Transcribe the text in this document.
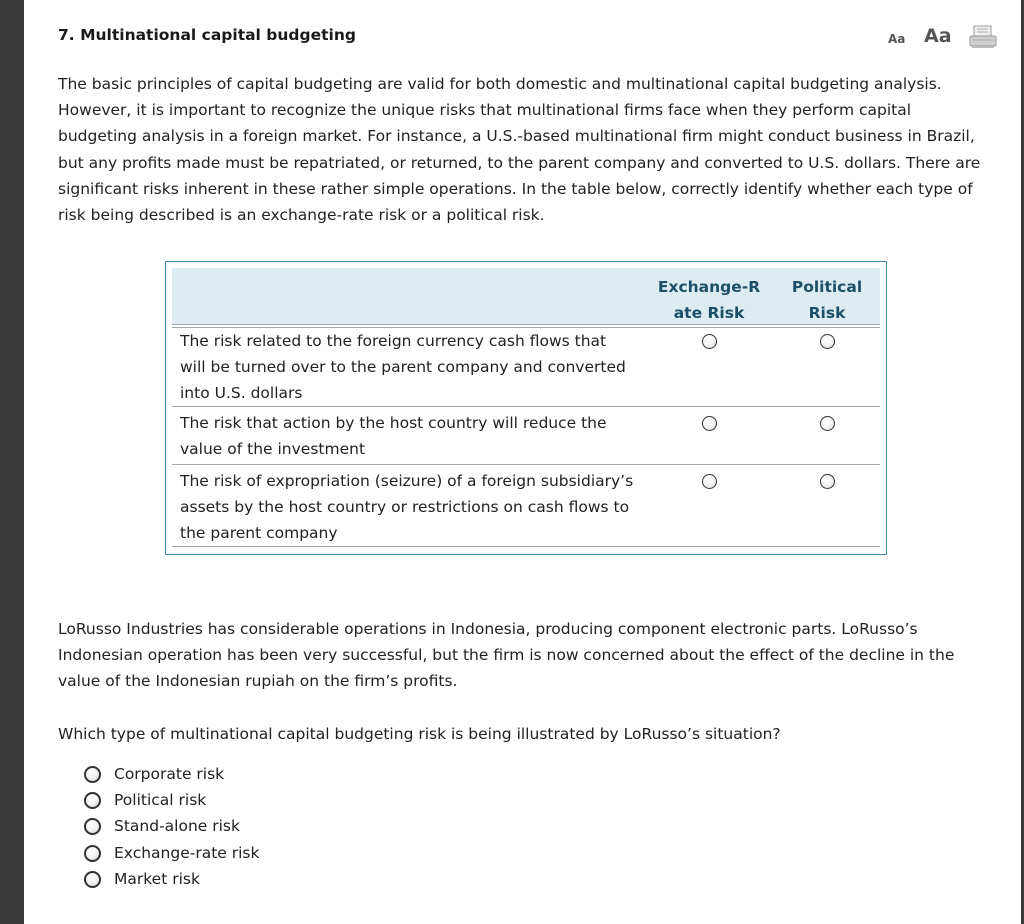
7. Multinational capital budgeting	Aa Aa
The basic principles of capital budgeting are valid for both domestic and multinational capital budgeting analysis. However, it is important to recognize the unique risks that multinational firms face when they perform capital budgeting analysis in a foreign market. For instance, a U.S.-based multinational firm might conduct business in Brazil, but any profits made must be repatriated, or returned, to the parent company and converted to U.S. dollars. There are significant risks inherent in these rather simple operations. In the table below, correctly identify whether each type of risk being described is an exchange-rate risk or a political risk.
Exchange-R ate Risk
Political Risk
The risk related to the foreign currency cash flows that will be turned over to the parent company and converted into U.S. dollars
The risk that action by the host country will reduce the value of the investment
The risk of expropriation (seizure) of a foreign subsidiary’s assets by the host country or restrictions on cash flows to the parent company
LoRusso Industries has considerable operations in Indonesia, producing component electronic parts. LoRusso’s Indonesian operation has been very successful, but the firm is now concerned about the effect of the decline in the value of the Indonesian rupiah on the firm’s profits.
Which type of multinational capital budgeting risk is being illustrated by LoRusso’s situation?
Corporate risk
Political risk
Stand-alone risk
Exchange-rate risk
Market risk
